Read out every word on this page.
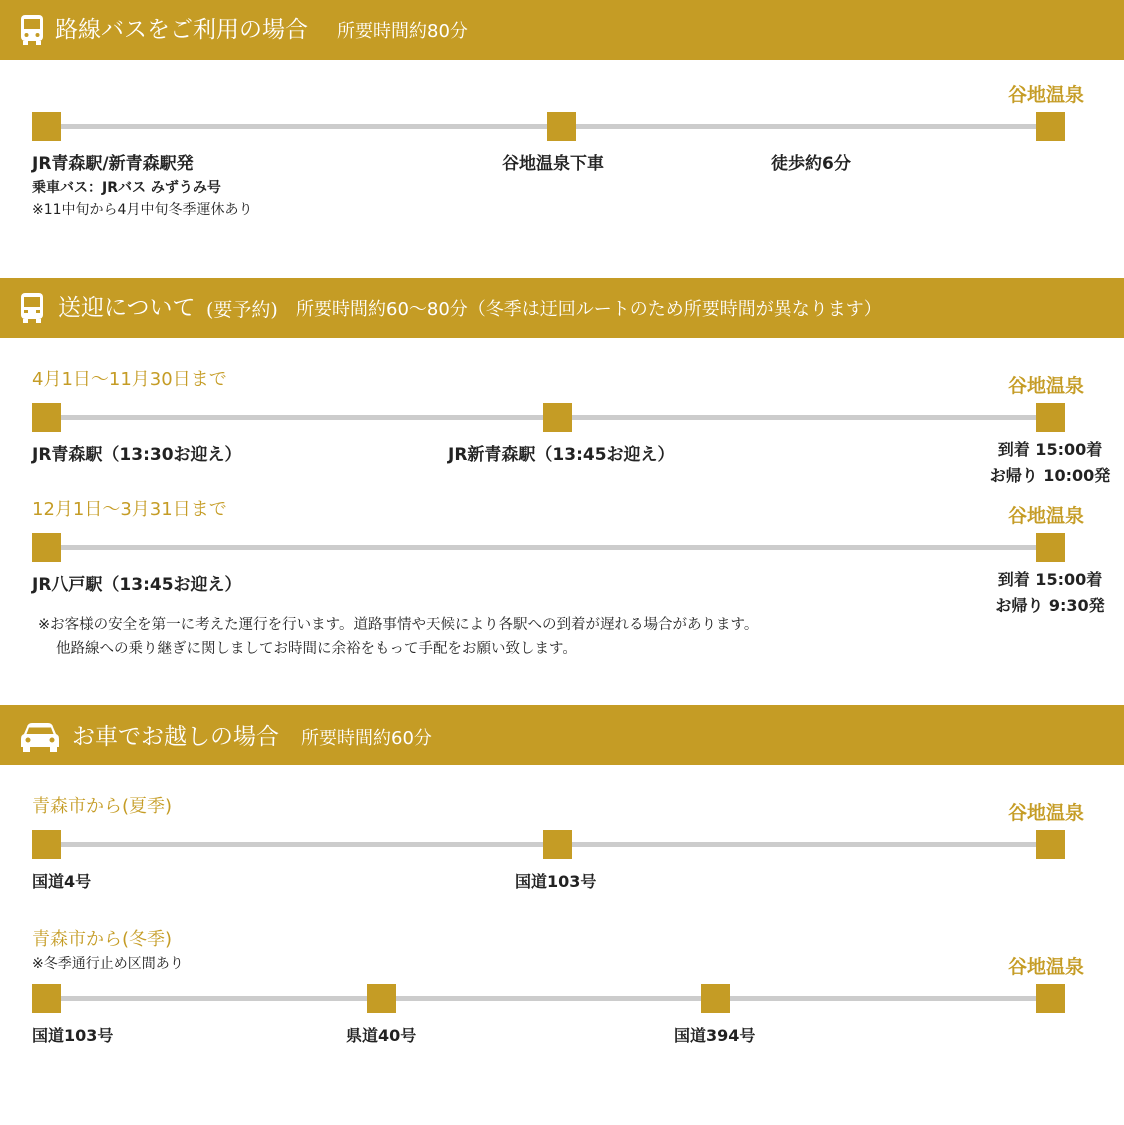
路線バスをご利用の場合 所要時間約80分
谷地温泉
JR青森駅/新青森駅発
乗車バス：JRバス みずうみ号
※11中旬から4月中旬冬季運休あり
谷地温泉下車	徒歩約6分
送迎について (要予約) 所要時間約60〜80分（冬季は迂回ルートのため所要時間が異なります）
4月1日〜11月30日まで	谷地温泉
JR青森駅（13:30お迎え）	JR新青森駅（13:45お迎え）	到着 15:00着
お帰り 10:00発
12月1日〜3月31日まで	谷地温泉
JR八戸駅（13:45お迎え）	到着 15:00着
お帰り 9:30発
※お客様の安全を第一に考えた運行を行います。道路事情や天候により各駅への到着が遅れる場合があります。
他路線への乗り継ぎに関しましてお時間に余裕をもって手配をお願い致します。
お車でお越しの場合 所要時間約60分
青森市から(夏季)	谷地温泉
国道4号	国道103号
青森市から(冬季)
※冬季通行止め区間あり	谷地温泉
国道103号	県道40号	国道394号
